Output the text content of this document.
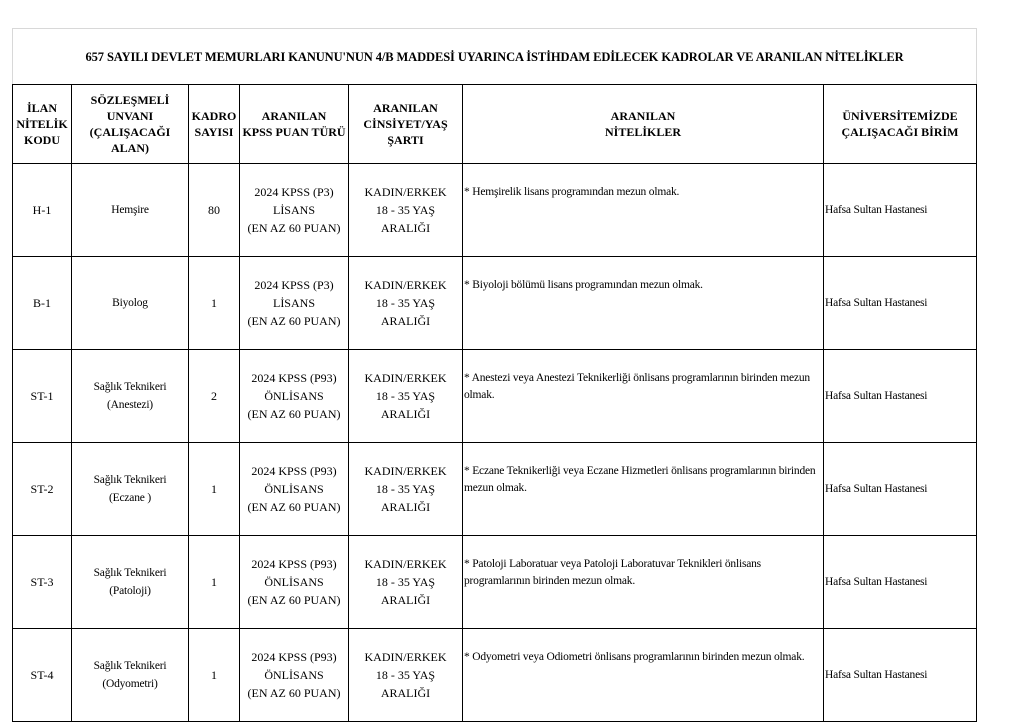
657 SAYILI DEVLET MEMURLARI KANUNU'NUN 4/B MADDESİ UYARINCA İSTİHDAM EDİLECEK KADROLAR VE ARANILAN NİTELİKLER						

İLAN
NİTELİK
KODU	SÖZLEŞMELİ
UNVANI
(ÇALIŞACAĞI
ALAN)	KADRO
SAYISI	ARANILAN
KPSS PUAN TÜRÜ	ARANILAN
CİNSİYET/YAŞ
ŞARTI	ARANILAN
NİTELİKLER	ÜNİVERSİTEMİZDE
ÇALIŞACAĞI BİRİM

H-1	Hemşire	80	2024 KPSS (P3)
LİSANS
(EN AZ 60 PUAN)	KADIN/ERKEK
18 - 35 YAŞ ARALIĞI	* Hemşirelik lisans programından mezun olmak.	Hafsa Sultan Hastanesi
B-1	Biyolog	1	2024 KPSS (P3)
LİSANS
(EN AZ 60 PUAN)	KADIN/ERKEK
18 - 35 YAŞ ARALIĞI	* Biyoloji bölümü lisans programından mezun olmak.	Hafsa Sultan Hastanesi
ST-1	Sağlık Teknikeri
(Anestezi)	2	2024 KPSS (P93)
ÖNLİSANS
(EN AZ 60 PUAN)	KADIN/ERKEK
18 - 35 YAŞ ARALIĞI	* Anestezi veya Anestezi Teknikerliği önlisans programlarının birinden mezun olmak.	Hafsa Sultan Hastanesi
ST-2	Sağlık Teknikeri
(Eczane )	1	2024 KPSS (P93)
ÖNLİSANS
(EN AZ 60 PUAN)	KADIN/ERKEK
18 - 35 YAŞ ARALIĞI	* Eczane Teknikerliği veya Eczane Hizmetleri önlisans programlarının birinden mezun olmak.	Hafsa Sultan Hastanesi
ST-3	Sağlık Teknikeri
(Patoloji)	1	2024 KPSS (P93)
ÖNLİSANS
(EN AZ 60 PUAN)	KADIN/ERKEK
18 - 35 YAŞ ARALIĞI	* Patoloji Laboratuar veya Patoloji Laboratuvar Teknikleri önlisans programlarının birinden mezun olmak.	Hafsa Sultan Hastanesi
ST-4	Sağlık Teknikeri
(Odyometri)	1	2024 KPSS (P93)
ÖNLİSANS
(EN AZ 60 PUAN)	KADIN/ERKEK
18 - 35 YAŞ ARALIĞI	* Odyometri veya Odiometri önlisans programlarının birinden mezun olmak.	Hafsa Sultan Hastanesi
